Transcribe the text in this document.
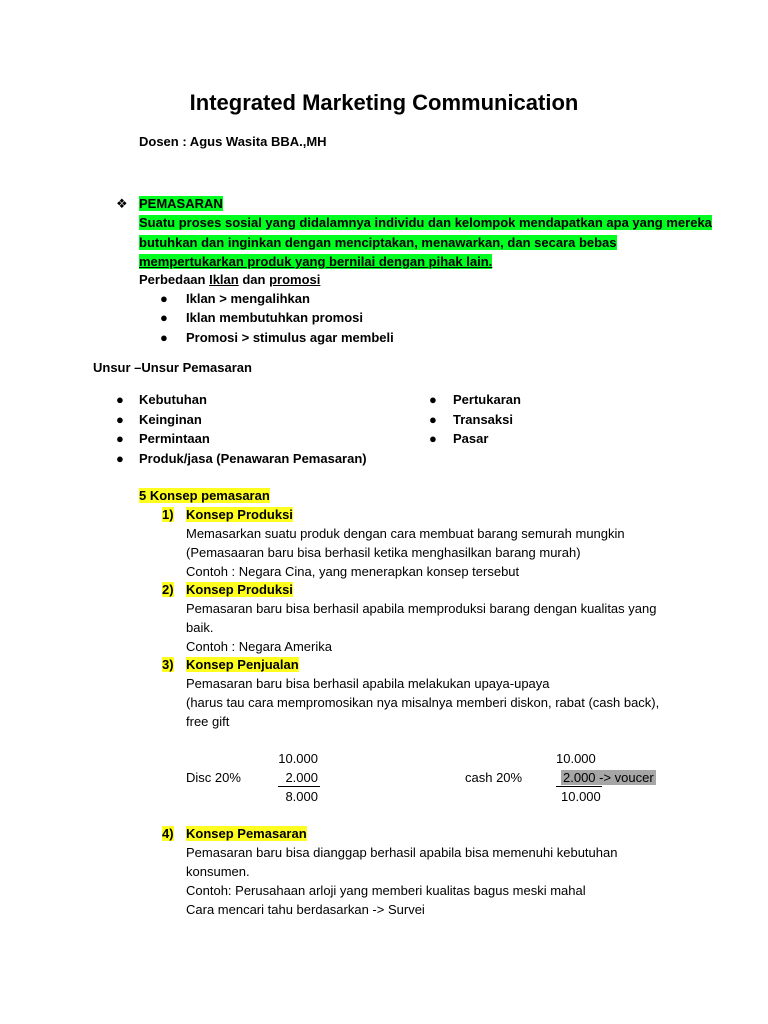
Integrated Marketing Communication
Dosen : Agus Wasita BBA.,MH
❖ PEMASARAN
Suatu proses sosial yang didalamnya individu dan kelompok mendapatkan apa yang mereka
butuhkan dan inginkan dengan menciptakan, menawarkan, dan secara bebas
mempertukarkan produk yang bernilai dengan pihak lain.
Perbedaan Iklan dan promosi
● Iklan > mengalihkan
● Iklan membutuhkan promosi
● Promosi > stimulus agar membeli
Unsur –Unsur Pemasaran
● Kebutuhan
● Keinginan
● Permintaan
● Produk/jasa (Penawaran Pemasaran)
● Pertukaran
● Transaksi
● Pasar
5 Konsep pemasaran
1) Konsep Produksi
Memasarkan suatu produk dengan cara membuat barang semurah mungkin
(Pemasaaran baru bisa berhasil ketika menghasilkan barang murah)
Contoh : Negara Cina, yang menerapkan konsep tersebut
2) Konsep Produksi
Pemasaran baru bisa berhasil apabila memproduksi barang dengan kualitas yang
baik.
Contoh : Negara Amerika
3) Konsep Penjualan
Pemasaran baru bisa berhasil apabila melakukan upaya-upaya
(harus tau cara mempromosikan nya misalnya memberi diskon, rabat (cash back),
free gift
10.000
Disc 20%	2.000
8.000
10.000
cash 20%	2.000 -> voucer
10.000
4) Konsep Pemasaran
Pemasaran baru bisa dianggap berhasil apabila bisa memenuhi kebutuhan
konsumen.
Contoh: Perusahaan arloji yang memberi kualitas bagus meski mahal
Cara mencari tahu berdasarkan -> Survei
